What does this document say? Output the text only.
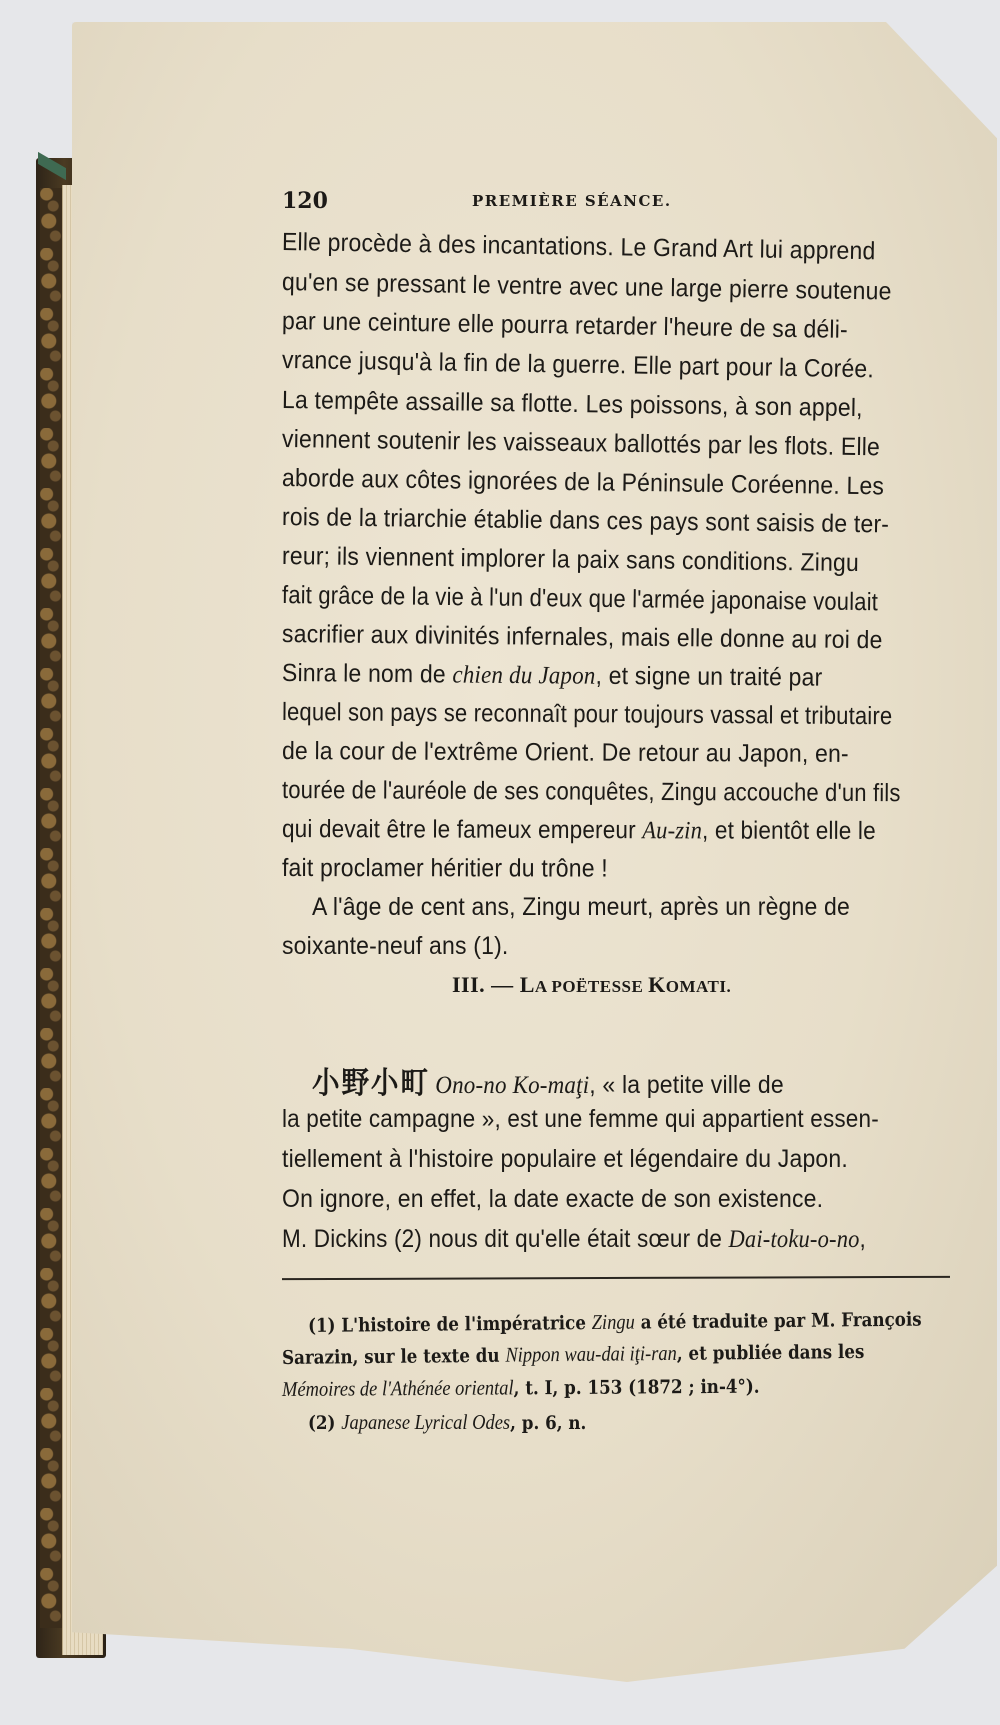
120	PREMIÈRE SÉANCE.
Elle procède à des incantations. Le Grand Art lui apprend
qu'en se pressant le ventre avec une large pierre soutenue
par une ceinture elle pourra retarder l'heure de sa déli-
vrance jusqu'à la fin de la guerre. Elle part pour la Corée.
La tempête assaille sa flotte. Les poissons, à son appel,
viennent soutenir les vaisseaux ballottés par les flots. Elle
aborde aux côtes ignorées de la Péninsule Coréenne. Les
rois de la triarchie établie dans ces pays sont saisis de ter-
reur; ils viennent implorer la paix sans conditions. Zingu
fait grâce de la vie à l'un d'eux que l'armée japonaise voulait
sacrifier aux divinités infernales, mais elle donne au roi de
Sinra le nom de chien du Japon, et signe un traité par
lequel son pays se reconnaît pour toujours vassal et tributaire
de la cour de l'extrême Orient. De retour au Japon, en-
tourée de l'auréole de ses conquêtes, Zingu accouche d'un fils
qui devait être le fameux empereur Au-zin, et bientôt elle le
fait proclamer héritier du trône !
A l'âge de cent ans, Zingu meurt, après un règne de
soixante-neuf ans (1).
III. — LA POËTESSE KOMATI.
小野小町 Ono-no Ko-maţi, « la petite ville de
la petite campagne », est une femme qui appartient essen-
tiellement à l'histoire populaire et légendaire du Japon.
On ignore, en effet, la date exacte de son existence.
M. Dickins (2) nous dit qu'elle était sœur de Dai-toku-o-no,
(1) L'histoire de l'impératrice Zingu a été traduite par M. François
Sarazin, sur le texte du Nippon wau-dai iţi-ran, et publiée dans les
Mémoires de l'Athénée oriental, t. I, p. 153 (1872 ; in-4°).
(2) Japanese Lyrical Odes, p. 6, n.
